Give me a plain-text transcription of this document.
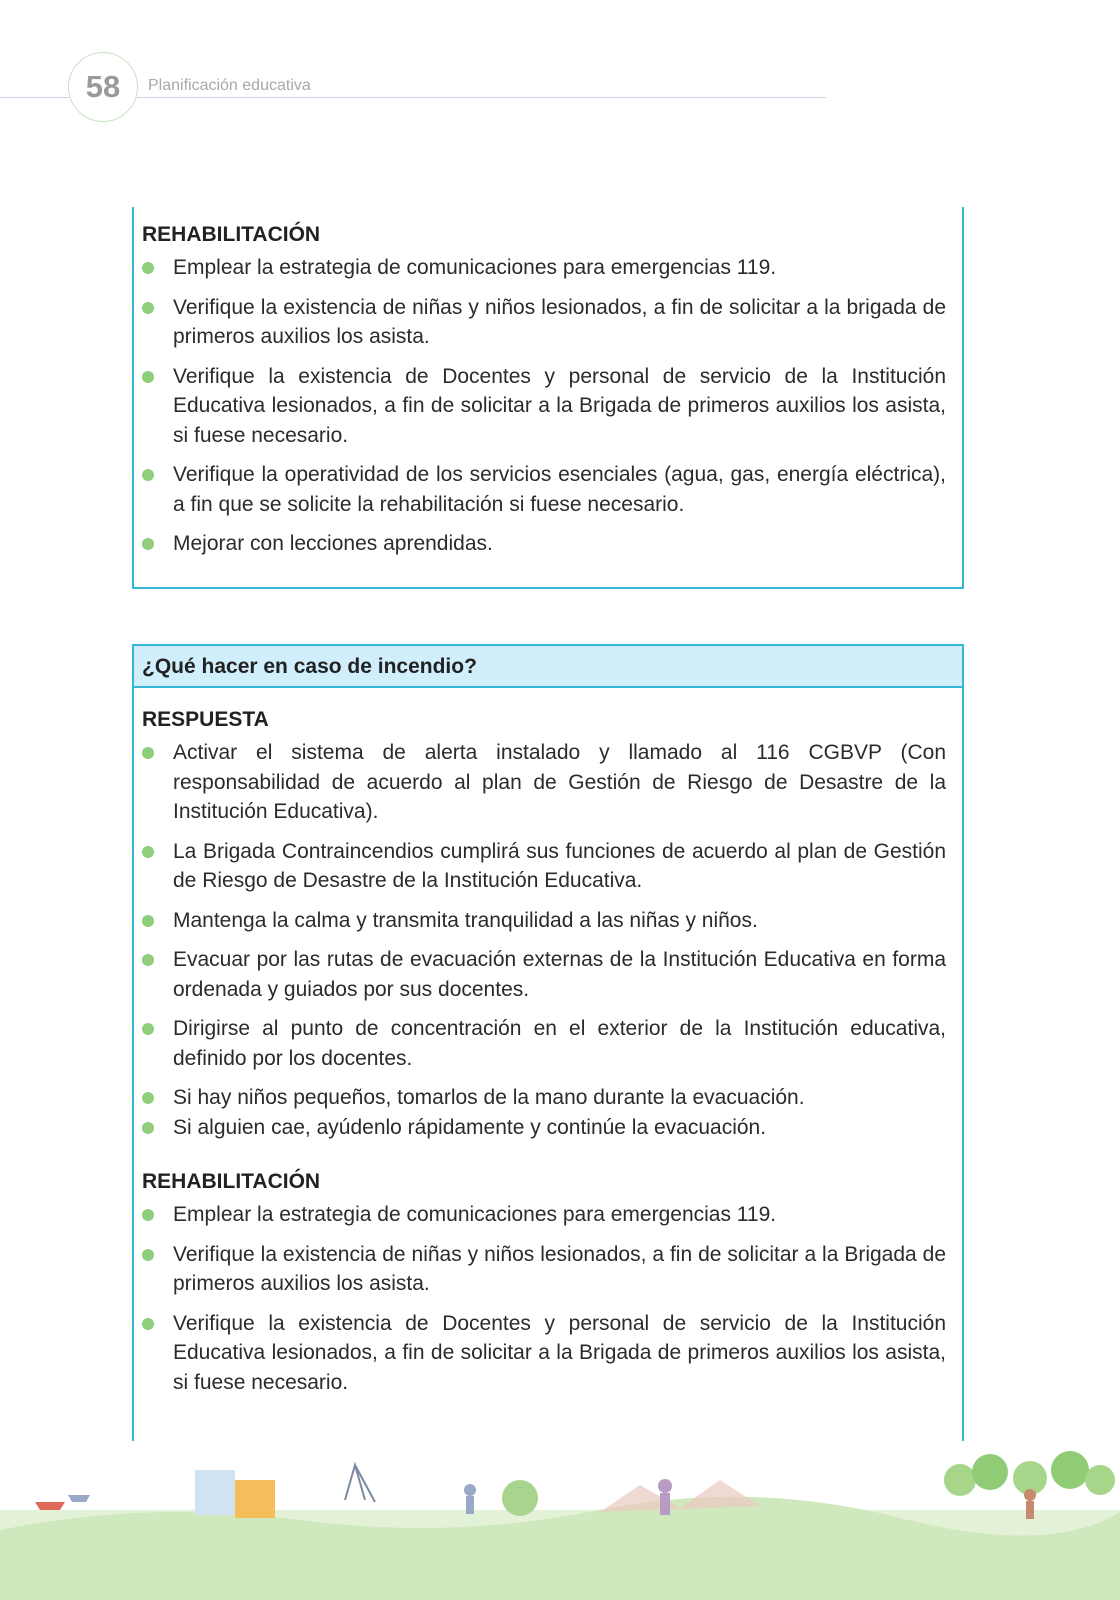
58	Planificación educativa
REHABILITACIÓN
Emplear la estrategia de comunicaciones para emergencias 119.
Verifique la existencia de niñas y niños lesionados, a fin de solicitar a la brigada de primeros auxilios los asista.
Verifique la existencia de Docentes y personal de servicio de la Institución Educativa lesionados, a fin de solicitar a la Brigada de primeros auxilios los asista, si fuese necesario.
Verifique la operatividad de los servicios esenciales (agua, gas, energía eléctrica), a fin que se solicite la rehabilitación si fuese necesario.
Mejorar con lecciones aprendidas.
¿Qué hacer en caso de incendio?
RESPUESTA
Activar el sistema de alerta instalado y llamado al 116 CGBVP (Con responsabilidad de acuerdo al plan de Gestión de Riesgo de Desastre de la Institución Educativa).
La Brigada Contraincendios cumplirá sus funciones de acuerdo al plan de Gestión de Riesgo de Desastre de la Institución Educativa.
Mantenga la calma y transmita tranquilidad a las niñas y niños.
Evacuar por las rutas de evacuación externas de la Institución Educativa en forma ordenada y guiados por sus docentes.
Dirigirse al punto de concentración en el exterior de la Institución educativa, definido por los docentes.
Si hay niños pequeños, tomarlos de la mano durante la evacuación.
Si alguien cae, ayúdenlo rápidamente y continúe la evacuación.
REHABILITACIÓN
Emplear la estrategia de comunicaciones para emergencias 119.
Verifique la existencia de niñas y niños lesionados, a fin de solicitar a la Brigada de primeros auxilios los asista.
Verifique la existencia de Docentes y personal de servicio de la Institución Educativa lesionados, a fin de solicitar a la Brigada de primeros auxilios los asista, si fuese necesario.
